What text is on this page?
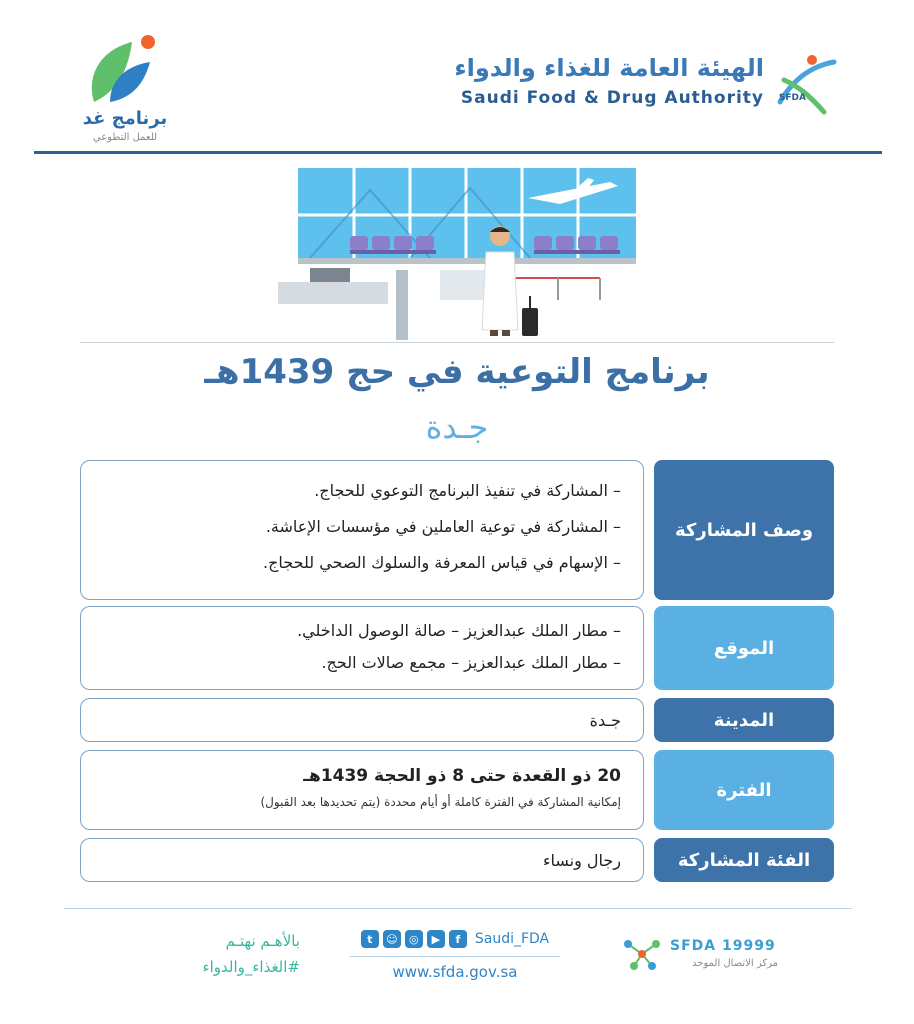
الهيئة العامة للغذاء والدواء
Saudi Food & Drug Authority SFDA
برنامج غد
للعمل التطوعي
برنامج التوعية في حج 1439هـ
جـدة
وصف المشاركة
– المشاركة في تنفيذ البرنامج التوعوي للحجاج.
– المشاركة في توعية العاملين في مؤسسات الإعاشة.
– الإسهام في قياس المعرفة والسلوك الصحي للحجاج.
الموقع
– مطار الملك عبدالعزيز – صالة الوصول الداخلي.
– مطار الملك عبدالعزيز – مجمع صالات الحج.
المدينة
جـدة
الفترة
20 ذو القعدة حتى 8 ذو الحجة 1439هـ
إمكانية المشاركة في الفترة كاملة أو أيام محددة (يتم تحديدها بعد القبول)
الفئة المشاركة
رجال ونساء
بالأهـم نهتـم
#الغذاء_والدواء
t	☺	◎	▶	f	Saudi_FDA
www.sfda.gov.sa
SFDA 19999
مركز الاتصال الموحد
